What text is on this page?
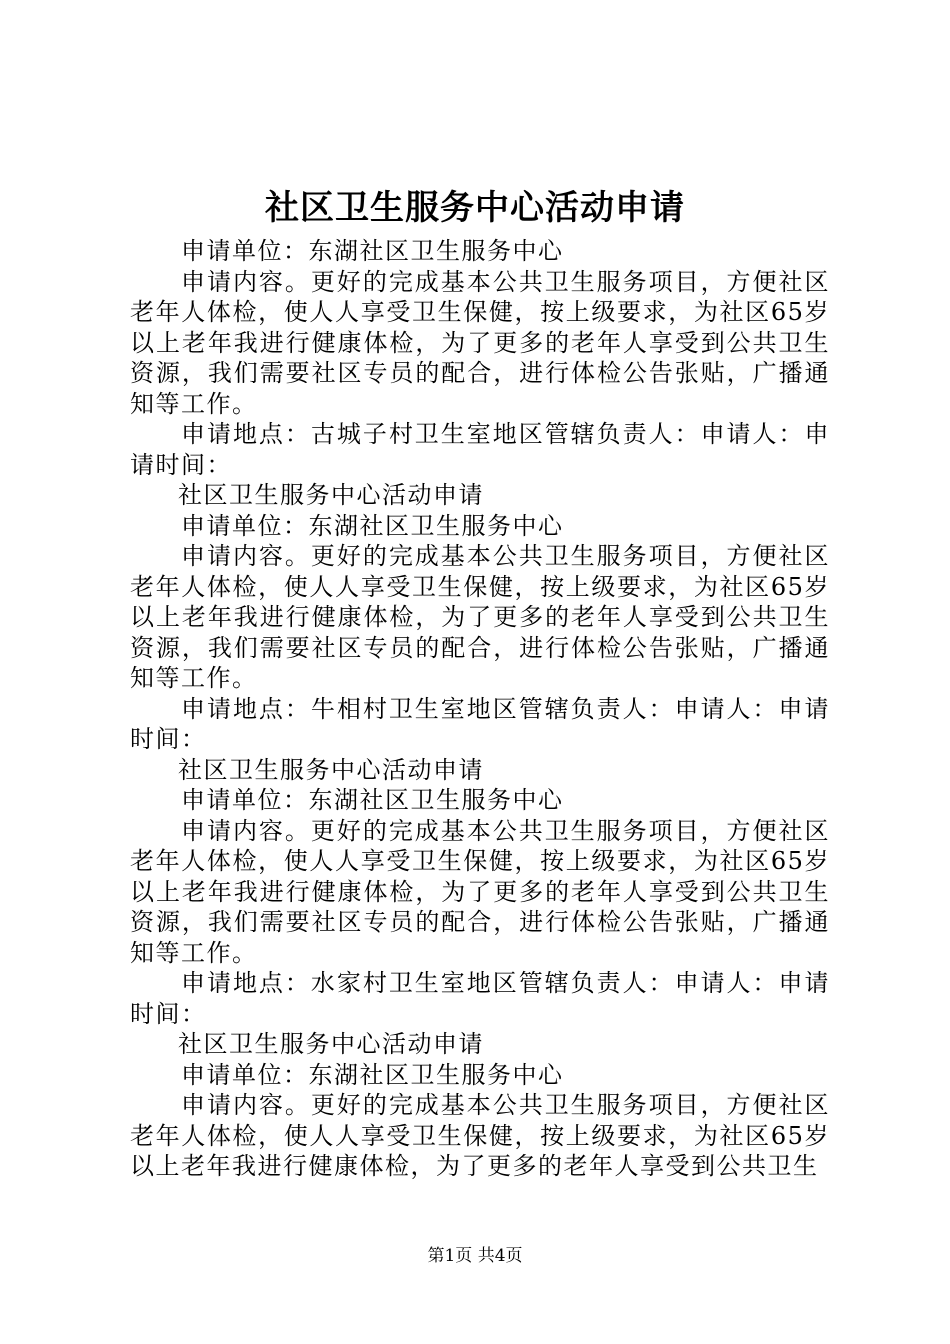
社区卫生服务中心活动申请

申请单位：东湖社区卫生服务中心

申请内容。更好的完成基本公共卫生服务项目，方便社区老年人体检，使人人享受卫生保健，按上级要求，为社区65岁以上老年我进行健康体检，为了更多的老年人享受到公共卫生资源，我们需要社区专员的配合，进行体检公告张贴，广播通知等工作。

申请地点：古城子村卫生室地区管辖负责人：申请人：申请时间：

社区卫生服务中心活动申请

申请单位：东湖社区卫生服务中心

申请内容。更好的完成基本公共卫生服务项目，方便社区老年人体检，使人人享受卫生保健，按上级要求，为社区65岁以上老年我进行健康体检，为了更多的老年人享受到公共卫生资源，我们需要社区专员的配合，进行体检公告张贴，广播通知等工作。

申请地点：牛相村卫生室地区管辖负责人：申请人：申请时间：

社区卫生服务中心活动申请

申请单位：东湖社区卫生服务中心

申请内容。更好的完成基本公共卫生服务项目，方便社区老年人体检，使人人享受卫生保健，按上级要求，为社区65岁以上老年我进行健康体检，为了更多的老年人享受到公共卫生资源，我们需要社区专员的配合，进行体检公告张贴，广播通知等工作。

申请地点：水家村卫生室地区管辖负责人：申请人：申请时间：

社区卫生服务中心活动申请

申请单位：东湖社区卫生服务中心

申请内容。更好的完成基本公共卫生服务项目，方便社区老年人体检，使人人享受卫生保健，按上级要求，为社区65岁以上老年我进行健康体检，为了更多的老年人享受到公共卫生

第1页 共4页
